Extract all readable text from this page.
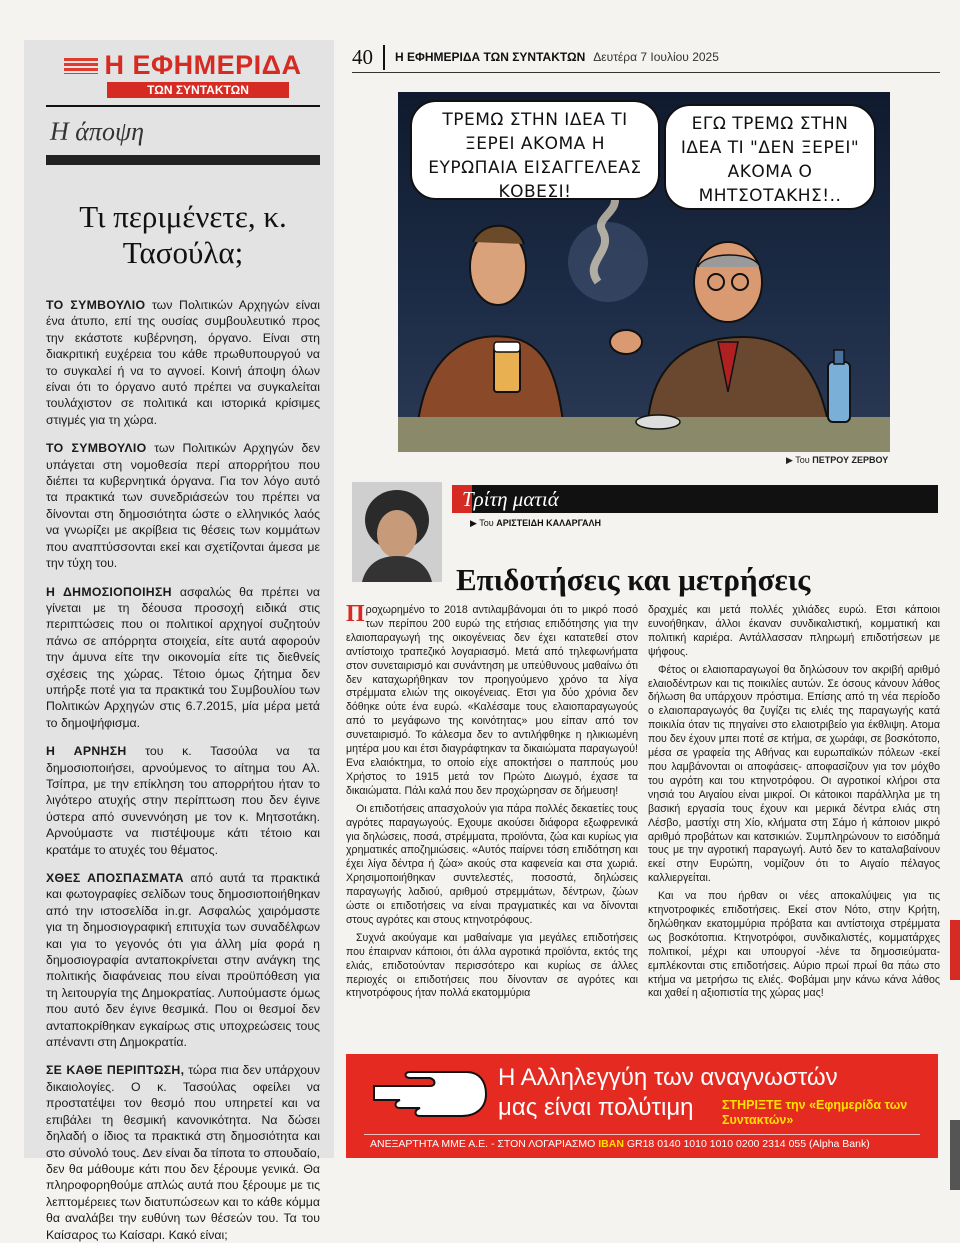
Η ΕΦΗΜΕΡΙΔΑ
ΤΩΝ ΣΥΝΤΑΚΤΩΝ
Η άποψη
Τι περιμένετε, κ. Τασούλα;

ΤΟ ΣΥΜΒΟΥΛΙΟ των Πολιτικών Αρχηγών είναι ένα άτυπο, επί της ουσίας συμβουλευτικό προς την εκάστοτε κυβέρνηση, όργανο. Είναι στη διακριτική ευχέρεια του κάθε πρωθυπουργού να το συγκαλεί ή να το αγνοεί. Κοινή άποψη όλων είναι ότι το όργανο αυτό πρέπει να συγκαλείται τουλάχιστον σε πολιτικά και ιστορικά κρίσιμες στιγμές για τη χώρα.

ΤΟ ΣΥΜΒΟΥΛΙΟ των Πολιτικών Αρχηγών δεν υπάγεται στη νομοθεσία περί απορρήτου που διέπει τα κυβερνητικά όργανα. Για τον λόγο αυτό τα πρακτικά των συνεδριάσεών του πρέπει να δίνονται στη δημοσιότητα ώστε ο ελληνικός λαός να γνωρίζει με ακρίβεια τις θέσεις των κομμάτων που αναπτύσσονται εκεί και σχετίζονται άμεσα με την τύχη του.

Η ΔΗΜΟΣΙΟΠΟΙΗΣΗ ασφαλώς θα πρέπει να γίνεται με τη δέουσα προσοχή ειδικά στις περιπτώσεις που οι πολιτικοί αρχηγοί συζητούν πάνω σε απόρρητα στοιχεία, είτε αυτά αφορούν την άμυνα είτε την οικονομία είτε τις διεθνείς σχέσεις της χώρας. Τέτοιο όμως ζήτημα δεν υπήρξε ποτέ για τα πρακτικά του Συμβουλίου των Πολιτικών Αρχηγών στις 6.7.2015, μία μέρα μετά το δημοψήφισμα.

Η ΑΡΝΗΣΗ του κ. Τασούλα να τα δημοσιοποιήσει, αρνούμενος το αίτημα του Αλ. Τσίπρα, με την επίκληση του απορρήτου ήταν το λιγότερο ατυχής στην περίπτωση που δεν έγινε ύστερα από συνεννόηση με τον κ. Μητσοτάκη. Αρνούμαστε να πιστέψουμε κάτι τέτοιο και κρατάμε το ατυχές του θέματος.

ΧΘΕΣ ΑΠΟΣΠΑΣΜΑΤΑ από αυτά τα πρακτικά και φωτογραφίες σελίδων τους δημοσιοποιήθηκαν από την ιστοσελίδα in.gr. Ασφαλώς χαιρόμαστε για τη δημοσιογραφική επιτυχία των συναδέλφων και για το γεγονός ότι για άλλη μία φορά η δημοσιογραφία ανταποκρίνεται στην ανάγκη της πολιτικής διαφάνειας που είναι προϋπόθεση για τη λειτουργία της Δημοκρατίας. Λυπούμαστε όμως που αυτό δεν έγινε θεσμικά. Που οι θεσμοί δεν ανταποκρίθηκαν εγκαίρως στις υποχρεώσεις τους απέναντι στη Δημοκρατία.

ΣΕ ΚΑΘΕ ΠΕΡΙΠΤΩΣΗ, τώρα πια δεν υπάρχουν δικαιολογίες. Ο κ. Τασούλας οφείλει να προστατέψει τον θεσμό που υπηρετεί και να επιβάλει τη θεσμική κανονικότητα. Να δώσει δηλαδή ο ίδιος τα πρακτικά στη δημοσιότητα και στο σύνολό τους. Δεν είναι δα τίποτα το σπουδαίο, δεν θα μάθουμε κάτι που δεν ξέρουμε γενικά. Θα πληροφορηθούμε απλώς αυτά που ξέρουμε με τις λεπτομέρειες των διατυπώσεων και το κάθε κόμμα θα αναλάβει την ευθύνη των θέσεών του. Τα του Καίσαρος τω Καίσαρι. Κακό είναι;

40	Η ΕΦΗΜΕΡΙΔΑ ΤΩΝ ΣΥΝΤΑΚΤΩΝ Δευτέρα 7 Ιουλίου 2025
ΤΡΕΜΩ ΣΤΗΝ ΙΔΕΑ ΤΙ ΞΕΡΕΙ ΑΚΟΜΑ Η ΕΥΡΩΠΑΙΑ ΕΙΣΑΓΓΕΛΕΑΣ ΚΟΒΕΣΙ!
ΕΓΩ ΤΡΕΜΩ ΣΤΗΝ ΙΔΕΑ ΤΙ "ΔΕΝ ΞΕΡΕΙ" ΑΚΟΜΑ Ο ΜΗΤΣΟΤΑΚΗΣ!..
▶ Του ΠΕΤΡΟΥ ΖΕΡΒΟΥ
Τρίτη ματιά
▶ Του ΑΡΙΣΤΕΙΔΗ ΚΑΛΑΡΓΑΛΗ
Επιδοτήσεις και μετρήσεις

Προχωρημένο το 2018 αντιλαμβάνομαι ότι το μικρό ποσό των περίπου 200 ευρώ της ετήσιας επιδότησης για την ελαιοπαραγωγή της οικογένειας δεν έχει κατατεθεί στον αντίστοιχο τραπεζικό λογαριασμό. Μετά από τηλεφωνήματα στον συνεταιρισμό και συνάντηση με υπεύθυνους μαθαίνω ότι δεν καταχωρήθηκαν τον προηγούμενο χρόνο τα λίγα στρέμματα ελιών της οικογένειας. Ετσι για δύο χρόνια δεν δόθηκε ούτε ένα ευρώ. «Καλέσαμε τους ελαιοπαραγωγούς από το μεγάφωνο της κοινότητας» μου είπαν από τον συνεταιρισμό. Το κάλεσμα δεν το αντιλήφθηκε η ηλικιωμένη μητέρα μου και έτσι διαγράφτηκαν τα δικαιώματα παραγωγού! Ενα ελαιόκτημα, το οποίο είχε αποκτήσει ο παππούς μου Χρήστος το 1915 μετά τον Πρώτο Διωγμό, έχασε τα δικαιώματα. Πάλι καλά που δεν προχώρησαν σε δήμευση!

Οι επιδοτήσεις απασχολούν για πάρα πολλές δεκαετίες τους αγρότες παραγωγούς. Εχουμε ακούσει διάφορα εξωφρενικά για δηλώσεις, ποσά, στρέμματα, προϊόντα, ζώα και κυρίως για χρηματικές αποζημιώσεις. «Αυτός παίρνει τόση επιδότηση και έχει λίγα δέντρα ή ζώα» ακούς στα καφενεία και στα χωριά. Χρησιμοποιήθηκαν συντελεστές, ποσοστά, δηλώσεις παραγωγής λαδιού, αριθμού στρεμμάτων, δέντρων, ζώων ώστε οι επιδοτήσεις να είναι πραγματικές και να δίνονται στους αγρότες και στους κτηνοτρόφους.

Συχνά ακούγαμε και μαθαίναμε για μεγάλες επιδοτήσεις που έπαιρναν κάποιοι, ότι άλλα αγροτικά προϊόντα, εκτός της ελιάς, επιδοτούνταν περισσότερο και κυρίως σε άλλες περιοχές οι επιδοτήσεις που δίνονταν σε αγρότες και κτηνοτρόφους ήταν πολλά εκατομμύρια

δραχμές και μετά πολλές χιλιάδες ευρώ. Ετσι κάποιοι ευνοήθηκαν, άλλοι έκαναν συνδικαλιστική, κομματική και πολιτική καριέρα. Αντάλλασσαν πληρωμή επιδοτήσεων με ψήφους.

Φέτος οι ελαιοπαραγωγοί θα δηλώσουν τον ακριβή αριθμό ελαιοδέντρων και τις ποικιλίες αυτών. Σε όσους κάνουν λάθος δήλωση θα υπάρχουν πρόστιμα. Επίσης από τη νέα περίοδο ο ελαιοπαραγωγός θα ζυγίζει τις ελιές της παραγωγής κατά ποικιλία όταν τις πηγαίνει στο ελαιοτριβείο για έκθλιψη. Ατομα που δεν έχουν μπει ποτέ σε κτήμα, σε χωράφι, σε βοσκότοπο, μέσα σε γραφεία της Αθήνας και ευρωπαϊκών πόλεων -εκεί που λαμβάνονται οι αποφάσεις- αποφασίζουν για τον μόχθο του αγρότη και του κτηνοτρόφου. Οι αγροτικοί κλήροι στα νησιά του Αιγαίου είναι μικροί. Οι κάτοικοι παράλληλα με τη βασική εργασία τους έχουν και μερικά δέντρα ελιάς στη Λέσβο, μαστίχι στη Χίο, κλήματα στη Σάμο ή κάποιον μικρό αριθμό προβάτων και κατσικιών. Συμπληρώνουν το εισόδημά τους με την αγροτική παραγωγή. Αυτό δεν το καταλαβαίνουν εκεί στην Ευρώπη, νομίζουν ότι το Αιγαίο πέλαγος καλλιεργείται.

Και να που ήρθαν οι νέες αποκαλύψεις για τις κτηνοτροφικές επιδοτήσεις. Εκεί στον Νότο, στην Κρήτη, δηλώθηκαν εκατομμύρια πρόβατα και αντίστοιχα στρέμματα ως βοσκότοπια. Κτηνοτρόφοι, συνδικαλιστές, κομματάρχες πολιτικοί, μέχρι και υπουργοί -λένε τα δημοσιεύματα- εμπλέκονται στις επιδοτήσεις. Αύριο πρωί πρωί θα πάω στο κτήμα να μετρήσω τις ελιές. Φοβάμαι μην κάνω κάνα λάθος και χαθεί η αξιοπιστία της χώρας μας!

Η Αλληλεγγύη των αναγνωστών
μας είναι πολύτιμη ΣΤΗΡΙΞΤΕ την «Εφημερίδα των Συντακτών»
ΑΝΕΞΑΡΤΗΤΑ ΜΜΕ Α.Ε. - ΣΤΟΝ ΛΟΓΑΡΙΑΣΜΟ IBAN GR18 0140 1010 1010 0200 2314 055 (Alpha Bank)
